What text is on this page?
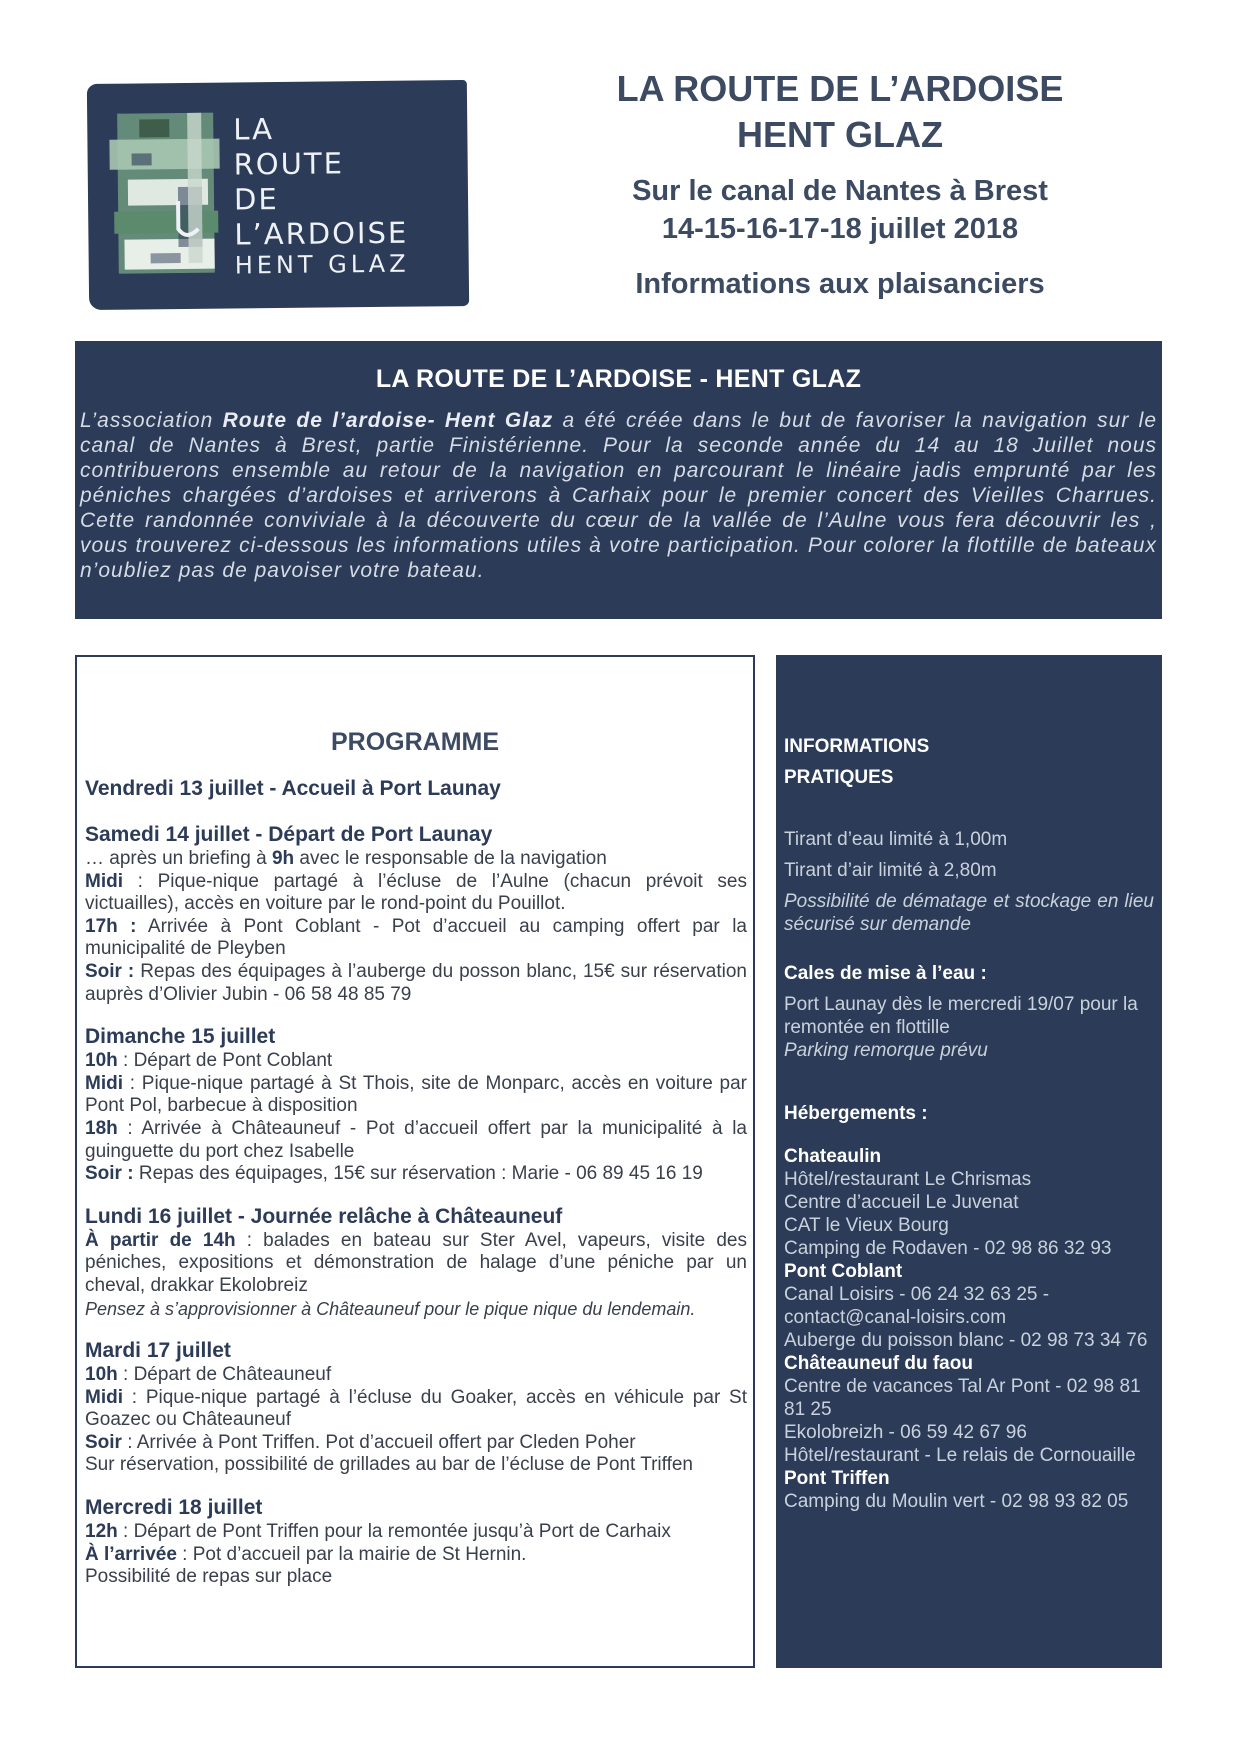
LA
ROUTE
DE
L’ARDOISE
HENT GLAZ
LA ROUTE DE L’ARDOISE
HENT GLAZ
Sur le canal de Nantes à Brest
14-15-16-17-18 juillet 2018
Informations aux plaisanciers
LA ROUTE DE L’ARDOISE - HENT GLAZ
L’association Route de l’ardoise- Hent Glaz a été créée dans le but de favoriser la navigation sur le canal de Nantes à Brest, partie Finistérienne. Pour la seconde année du 14 au 18 Juillet nous contribuerons ensemble au retour de la navigation en parcourant le linéaire jadis emprunté par les péniches chargées d’ardoises et arriverons à Carhaix pour le premier concert des Vieilles Charrues. Cette randonnée conviviale à la découverte du cœur de la vallée de l’Aulne vous fera découvrir les , vous trouverez ci-dessous les informations utiles à votre participation. Pour colorer la flottille de bateaux n’oubliez pas de pavoiser votre bateau.
PROGRAMME
Vendredi 13 juillet - Accueil à Port Launay
Samedi 14 juillet - Départ de Port Launay
… après un briefing à 9h avec le responsable de la navigation
Midi : Pique-nique partagé à l’écluse de l’Aulne (chacun prévoit ses victuailles), accès en voiture par le rond-point du Pouillot.
17h : Arrivée à Pont Coblant - Pot d’accueil au camping offert par la municipalité de Pleyben
Soir : Repas des équipages à l’auberge du posson blanc, 15€ sur réservation auprès d’Olivier Jubin - 06 58 48 85 79
Dimanche 15 juillet
10h : Départ de Pont Coblant
Midi : Pique-nique partagé à St Thois, site de Monparc, accès en voiture par Pont Pol, barbecue à disposition
18h : Arrivée à Châteauneuf - Pot d’accueil offert par la municipalité à la guinguette du port chez Isabelle
Soir : Repas des équipages, 15€ sur réservation : Marie - 06 89 45 16 19
Lundi 16 juillet - Journée relâche à Châteauneuf
À partir de 14h : balades en bateau sur Ster Avel, vapeurs, visite des péniches, expositions et démonstration de halage d’une péniche par un cheval, drakkar Ekolobreiz
Pensez à s’approvisionner à Châteauneuf pour le pique nique du lendemain.
Mardi 17 juillet
10h : Départ de Châteauneuf
Midi : Pique-nique partagé à l’écluse du Goaker, accès en véhicule par St Goazec ou Châteauneuf
Soir : Arrivée à Pont Triffen. Pot d’accueil offert par Cleden Poher
Sur réservation, possibilité de grillades au bar de l’écluse de Pont Triffen
Mercredi 18 juillet
12h : Départ de Pont Triffen pour la remontée jusqu’à Port de Carhaix
À l’arrivée : Pot d’accueil par la mairie de St Hernin.
Possibilité de repas sur place
INFORMATIONS
PRATIQUES
Tirant d’eau limité à 1,00m
Tirant d’air limité à 2,80m
Possibilité de dématage et stockage en lieu sécurisé sur demande
Cales de mise à l’eau :
Port Launay dès le mercredi 19/07 pour la remontée en flottille
Parking remorque prévu
Hébergements :
Chateaulin
Hôtel/restaurant Le Chrismas
Centre d’accueil Le Juvenat
CAT le Vieux Bourg
Camping de Rodaven - 02 98 86 32 93
Pont Coblant
Canal Loisirs - 06 24 32 63 25 - contact@canal-loisirs.com
Auberge du poisson blanc - 02 98 73 34 76
Châteauneuf du faou
Centre de vacances Tal Ar Pont - 02 98 81 81 25
Ekolobreizh - 06 59 42 67 96
Hôtel/restaurant - Le relais de Cornouaille
Pont Triffen
Camping du Moulin vert - 02 98 93 82 05
